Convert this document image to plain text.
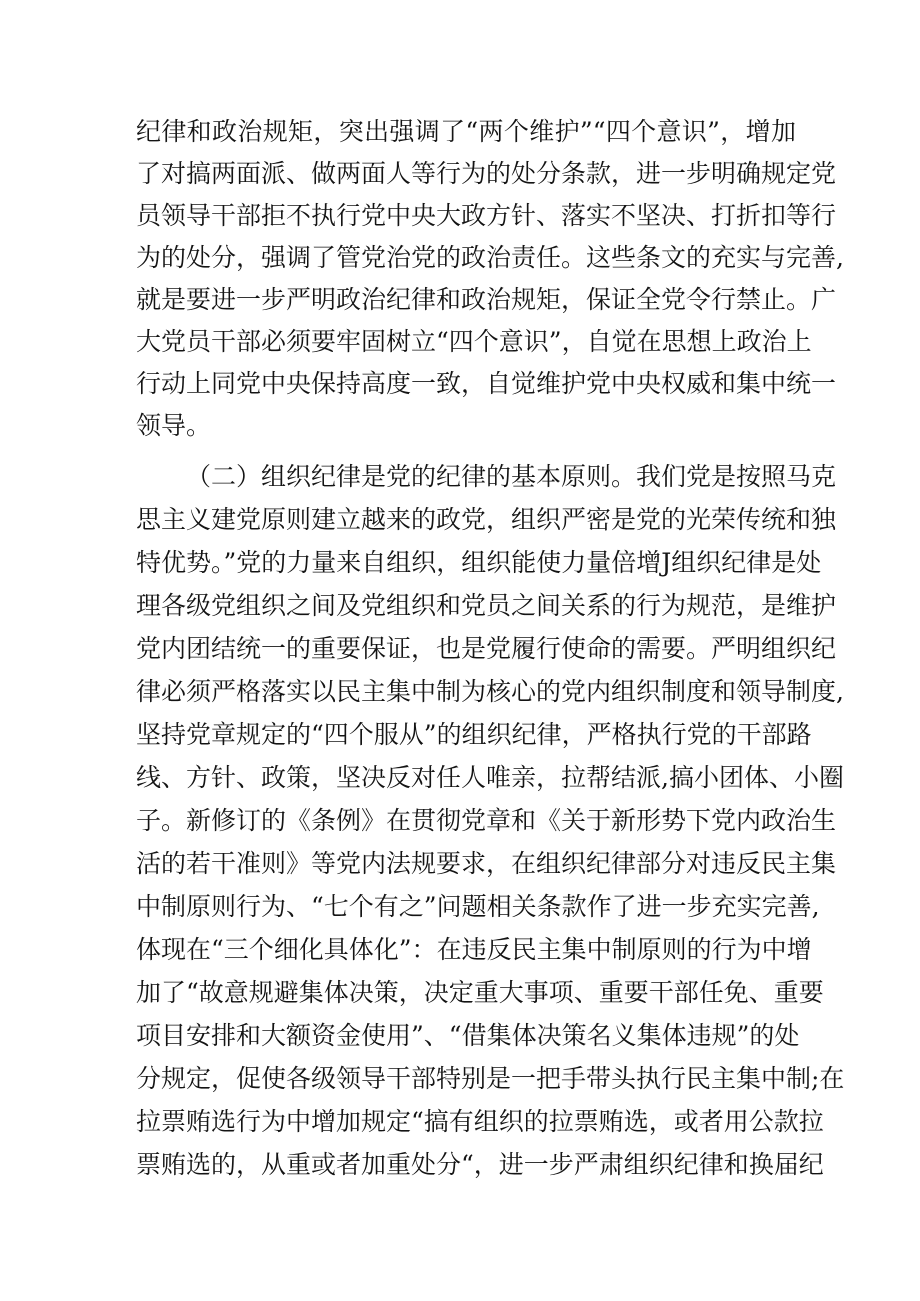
纪律和政治规矩，突出强调了“两个维护”“四个意识”，增加
了对搞两面派、做两面人等行为的处分条款，进一步明确规定党
员领导干部拒不执行党中央大政方针、落实不坚决、打折扣等行
为的处分，强调了管党治党的政治责任。这些条文的充实与完善,
就是要进一步严明政治纪律和政治规矩，保证全党令行禁止。广
大党员干部必须要牢固树立“四个意识”，自觉在思想上政治上
行动上同党中央保持高度一致，自觉维护党中央权威和集中统一
领导。
（二）组织纪律是党的纪律的基本原则。我们党是按照马克
思主义建党原则建立越来的政党，组织严密是党的光荣传统和独
特优势。”党的力量来自组织，组织能使力量倍增J组织纪律是处
理各级党组织之间及党组织和党员之间关系的行为规范，是维护
党内团结统一的重要保证，也是党履行使命的需要。严明组织纪
律必须严格落实以民主集中制为核心的党内组织制度和领导制度,
坚持党章规定的“四个服从”的组织纪律，严格执行党的干部路
线、方针、政策，坚决反对任人唯亲，拉帮结派,搞小团体、小圈
子。新修订的《条例》在贯彻党章和《关于新形势下党内政治生
活的若干准则》等党内法规要求，在组织纪律部分对违反民主集
中制原则行为、“七个有之”问题相关条款作了进一步充实完善,
体现在“三个细化具体化”：在违反民主集中制原则的行为中增
加了“故意规避集体决策，决定重大事项、重要干部任免、重要
项目安排和大额资金使用”、“借集体决策名义集体违规”的处
分规定，促使各级领导干部特别是一把手带头执行民主集中制;在
拉票贿选行为中增加规定“搞有组织的拉票贿选，或者用公款拉
票贿选的，从重或者加重处分“，进一步严肃组织纪律和换届纪
